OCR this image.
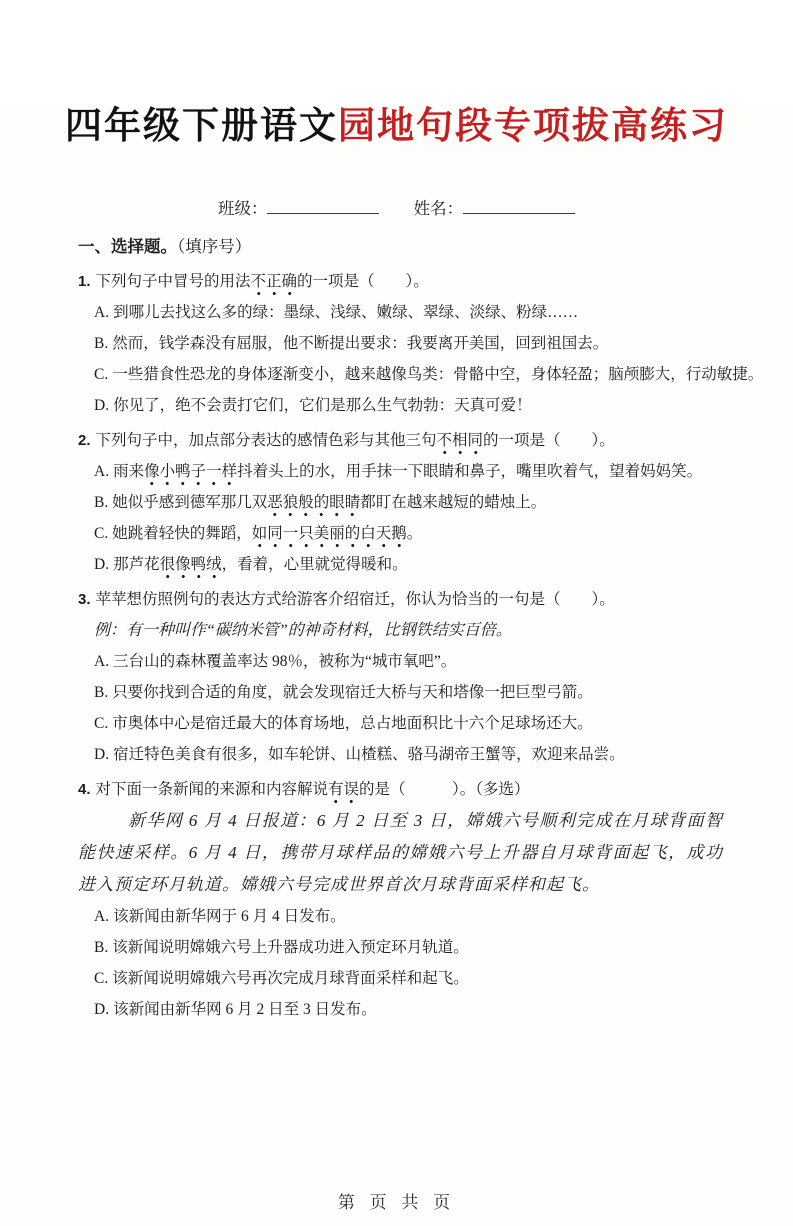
四年级下册语文园地句段专项拔高练习
班级：	姓名：
一、选择题。（填序号）
1. 下列句子中冒号的用法不正确的一项是（　　）。
A. 到哪儿去找这么多的绿：墨绿、浅绿、嫩绿、翠绿、淡绿、粉绿……
B. 然而，钱学森没有屈服，他不断提出要求：我要离开美国，回到祖国去。
C. 一些猎食性恐龙的身体逐渐变小，越来越像鸟类：骨骼中空，身体轻盈；脑颅膨大，行动敏捷。
D. 你见了，绝不会责打它们，它们是那么生气勃勃：天真可爱！
2. 下列句子中，加点部分表达的感情色彩与其他三句不相同的一项是（　　）。
A. 雨来像小鸭子一样抖着头上的水，用手抹一下眼睛和鼻子，嘴里吹着气，望着妈妈笑。
B. 她似乎感到德军那几双恶狼般的眼睛都盯在越来越短的蜡烛上。
C. 她跳着轻快的舞蹈，如同一只美丽的白天鹅。
D. 那芦花很像鸭绒，看着，心里就觉得暖和。
3. 苹苹想仿照例句的表达方式给游客介绍宿迁，你认为恰当的一句是（　　）。
例：有一种叫作“碳纳米管”的神奇材料，比钢铁结实百倍。
A. 三台山的森林覆盖率达 98％，被称为“城市氧吧”。
B. 只要你找到合适的角度，就会发现宿迁大桥与天和塔像一把巨型弓箭。
C. 市奥体中心是宿迁最大的体育场地，总占地面积比十六个足球场还大。
D. 宿迁特色美食有很多，如车轮饼、山楂糕、骆马湖帝王蟹等，欢迎来品尝。
4. 对下面一条新闻的来源和内容解说有误的是（　　　）。（多选）
新华网 6 月 4 日报道：6 月 2 日至 3 日，嫦娥六号顺利完成在月球背面智能快速采样。6 月 4 日，携带月球样品的嫦娥六号上升器自月球背面起飞，成功进入预定环月轨道。嫦娥六号完成世界首次月球背面采样和起飞。
A. 该新闻由新华网于 6 月 4 日发布。
B. 该新闻说明嫦娥六号上升器成功进入预定环月轨道。
C. 该新闻说明嫦娥六号再次完成月球背面采样和起飞。
D. 该新闻由新华网 6 月 2 日至 3 日发布。
第 页 共 页
